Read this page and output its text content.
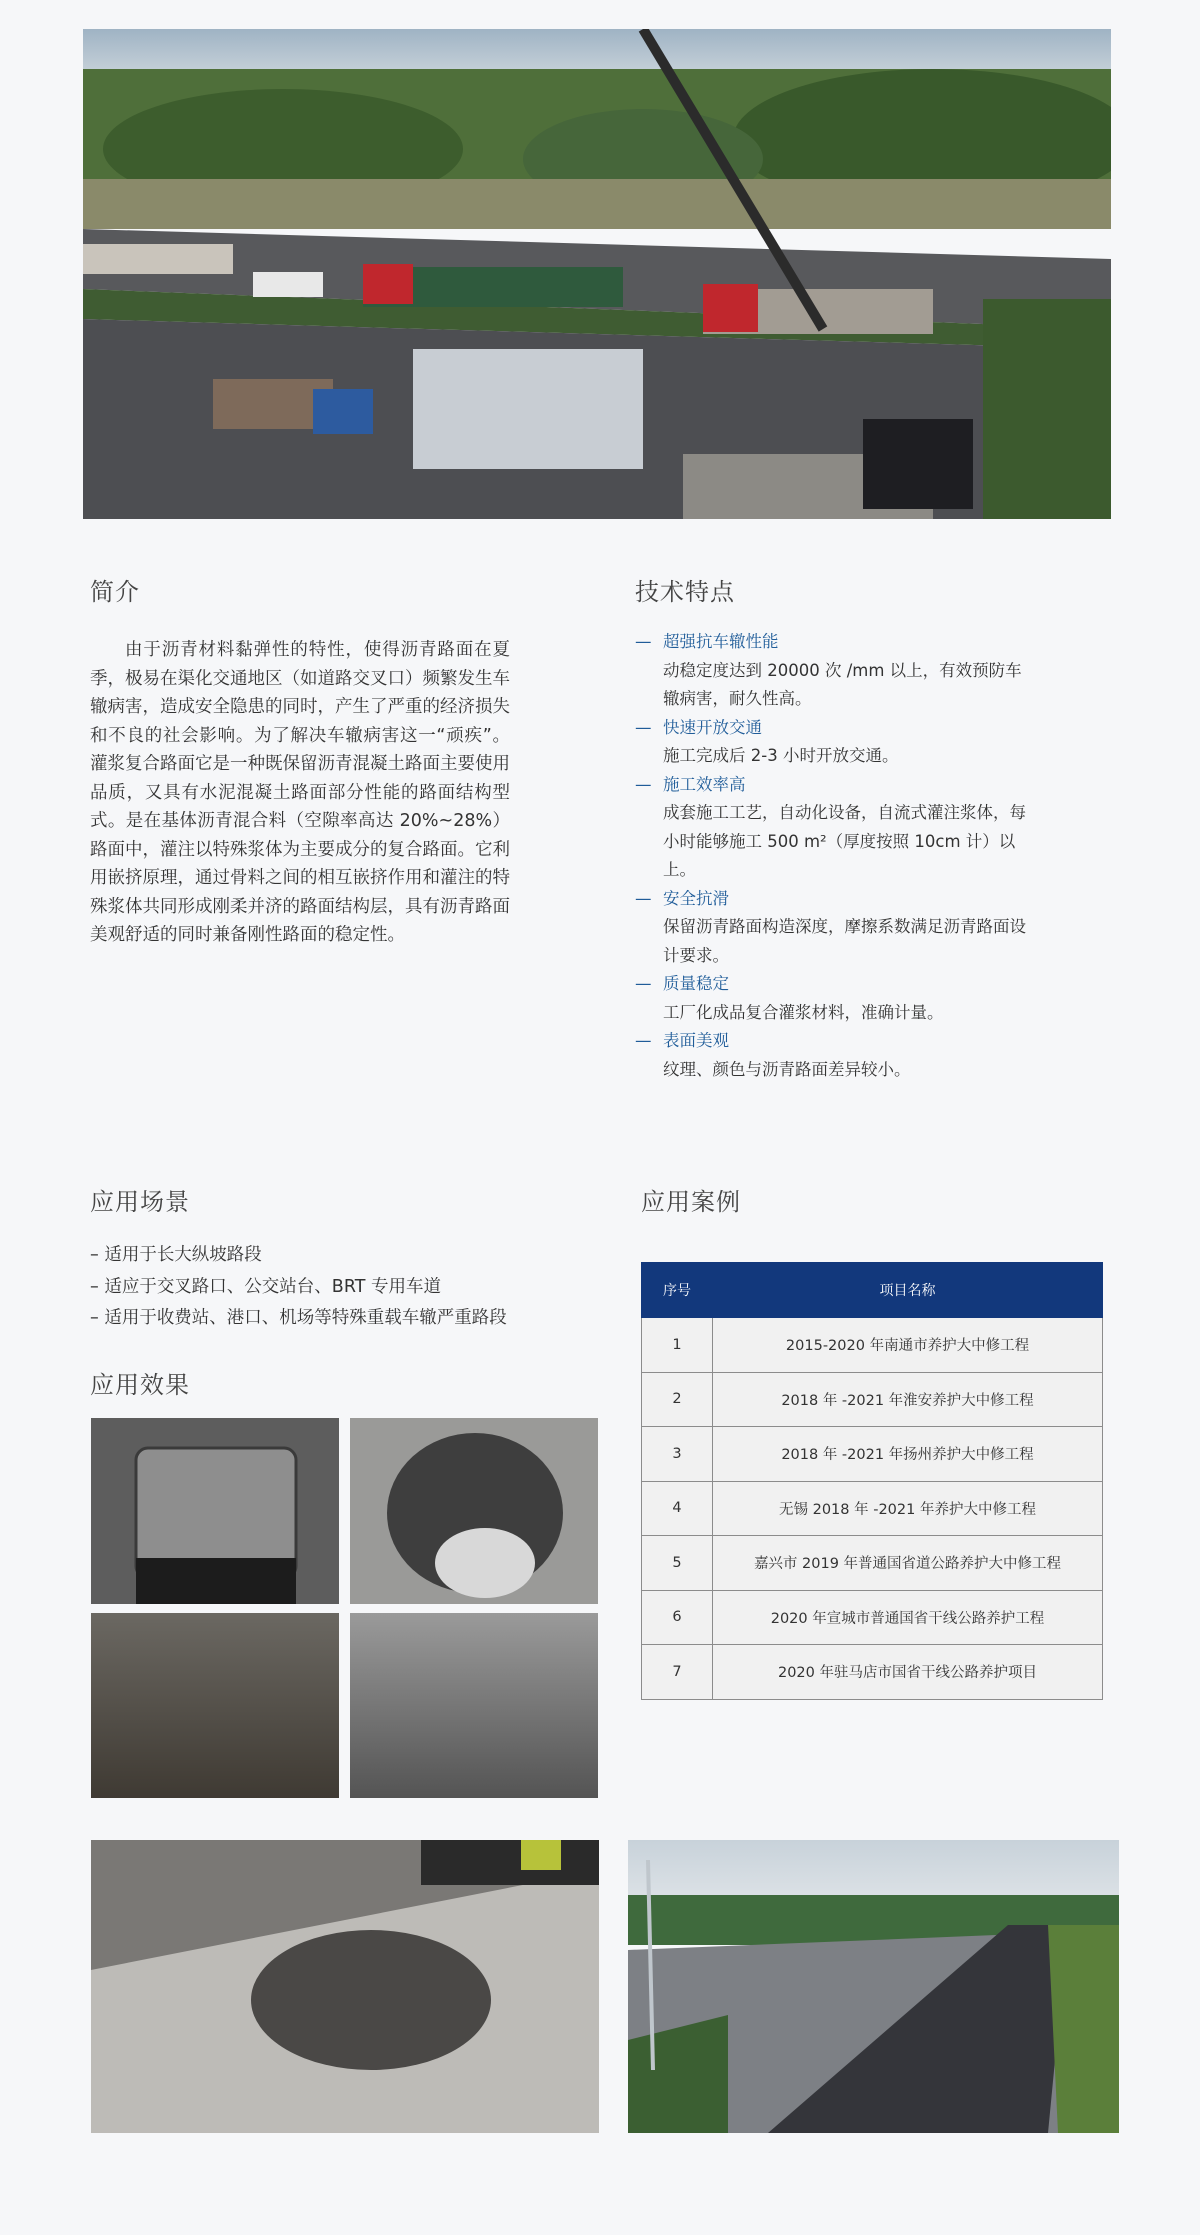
简介

由于沥青材料黏弹性的特性，使得沥青路面在夏季，极易在渠化交通地区（如道路交叉口）频繁发生车辙病害，造成安全隐患的同时，产生了严重的经济损失和不良的社会影响。为了解决车辙病害这一“顽疾”。灌浆复合路面它是一种既保留沥青混凝土路面主要使用品质，又具有水泥混凝土路面部分性能的路面结构型式。是在基体沥青混合料（空隙率高达 20%~28%）路面中，灌注以特殊浆体为主要成分的复合路面。它利用嵌挤原理，通过骨料之间的相互嵌挤作用和灌注的特殊浆体共同形成刚柔并济的路面结构层，具有沥青路面美观舒适的同时兼备刚性路面的稳定性。

技术特点
— 超强抗车辙性能
动稳定度达到 20000 次 /mm 以上，有效预防车辙病害，耐久性高。
— 快速开放交通
施工完成后 2-3 小时开放交通。
— 施工效率高
成套施工工艺，自动化设备，自流式灌注浆体，每小时能够施工 500 m²（厚度按照 10cm 计）以上。
— 安全抗滑
保留沥青路面构造深度，摩擦系数满足沥青路面设计要求。
— 质量稳定
工厂化成品复合灌浆材料，准确计量。
— 表面美观
纹理、颜色与沥青路面差异较小。
应用场景
– 适用于长大纵坡路段
– 适应于交叉路口、公交站台、BRT 专用车道
– 适用于收费站、港口、机场等特殊重载车辙严重路段
应用效果
应用案例
序号	项目名称
1	2015-2020 年南通市养护大中修工程
2	2018 年 -2021 年淮安养护大中修工程
3	2018 年 -2021 年扬州养护大中修工程
4	无锡 2018 年 -2021 年养护大中修工程
5	嘉兴市 2019 年普通国省道公路养护大中修工程
6	2020 年宣城市普通国省干线公路养护工程
7	2020 年驻马店市国省干线公路养护项目
